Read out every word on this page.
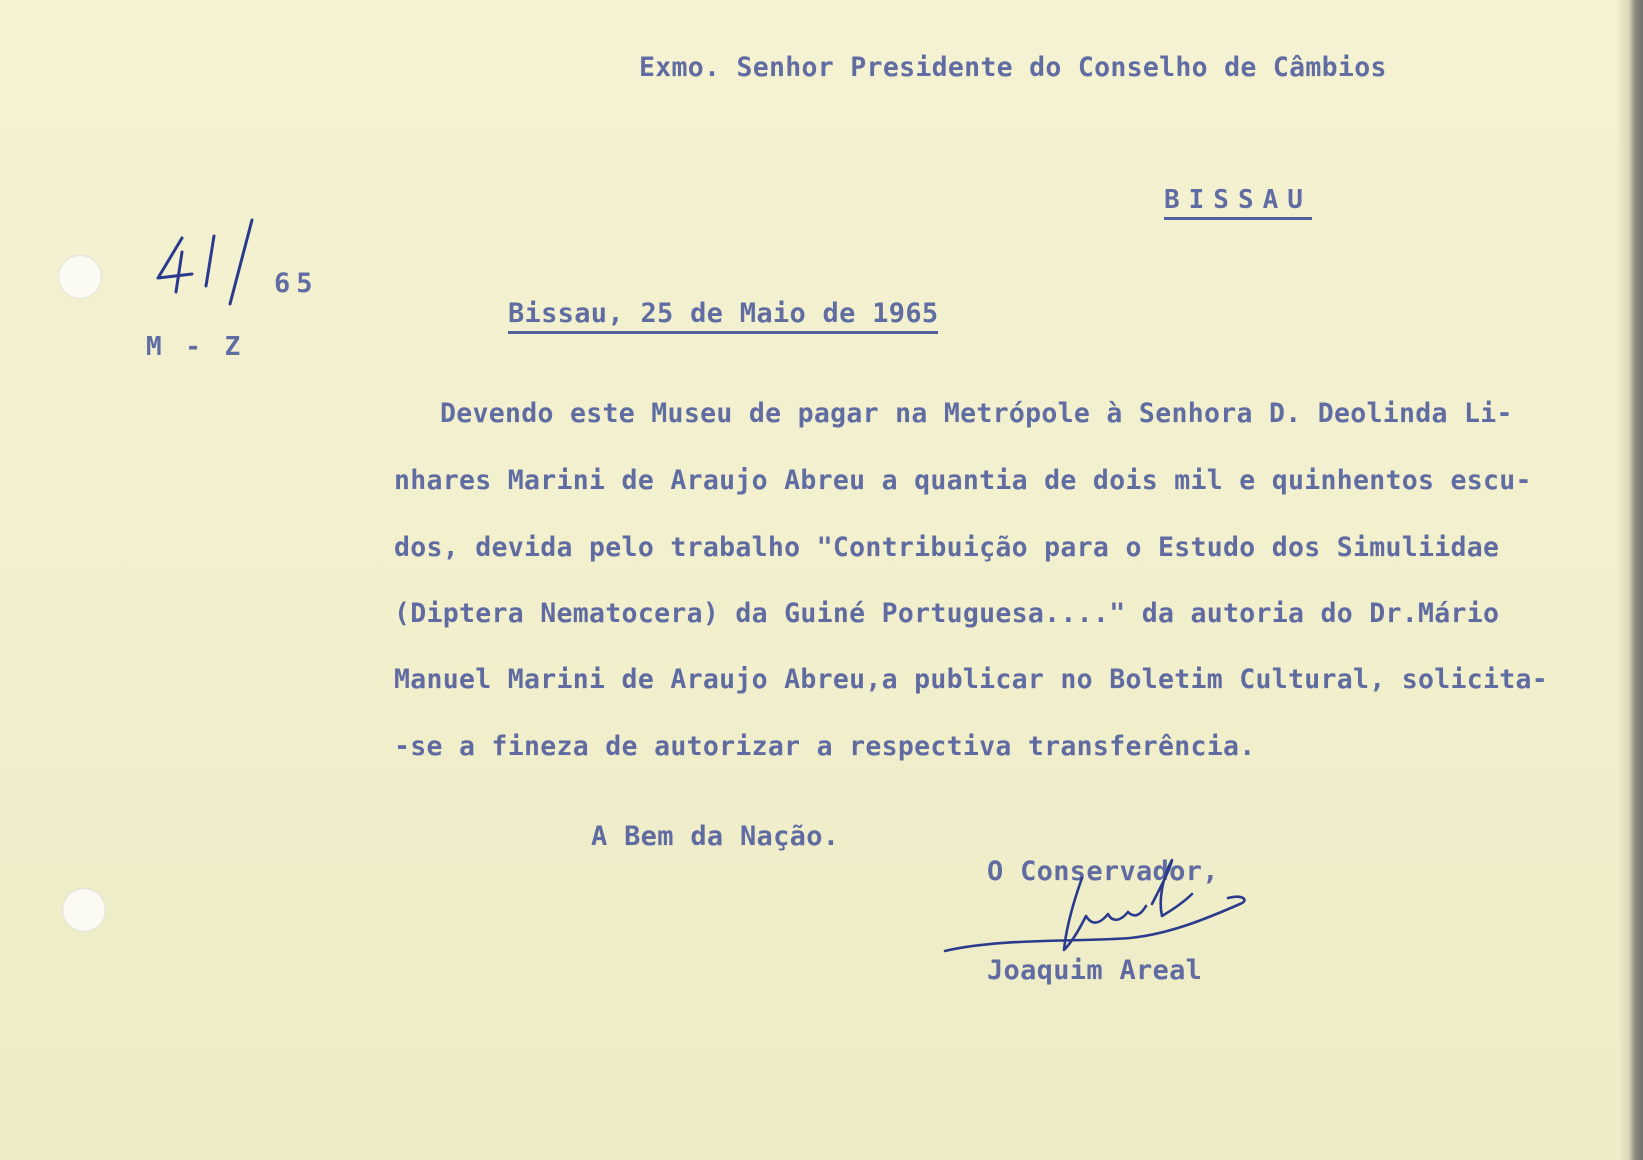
Exmo. Senhor Presidente do Conselho de Câmbios
BISSAU
65
M - Z
Bissau, 25 de Maio de 1965
Devendo este Museu de pagar na Metrópole à Senhora D. Deolinda Li-
nhares Marini de Araujo Abreu a quantia de dois mil e quinhentos escu-
dos, devida pelo trabalho "Contribuição para o Estudo dos Simuliidae
(Diptera Nematocera) da Guiné Portuguesa...." da autoria do Dr.Mário
Manuel Marini de Araujo Abreu,a publicar no Boletim Cultural, solicita-
-se a fineza de autorizar a respectiva transferência.
A Bem da Nação.
O Conservador,
Joaquim Areal
